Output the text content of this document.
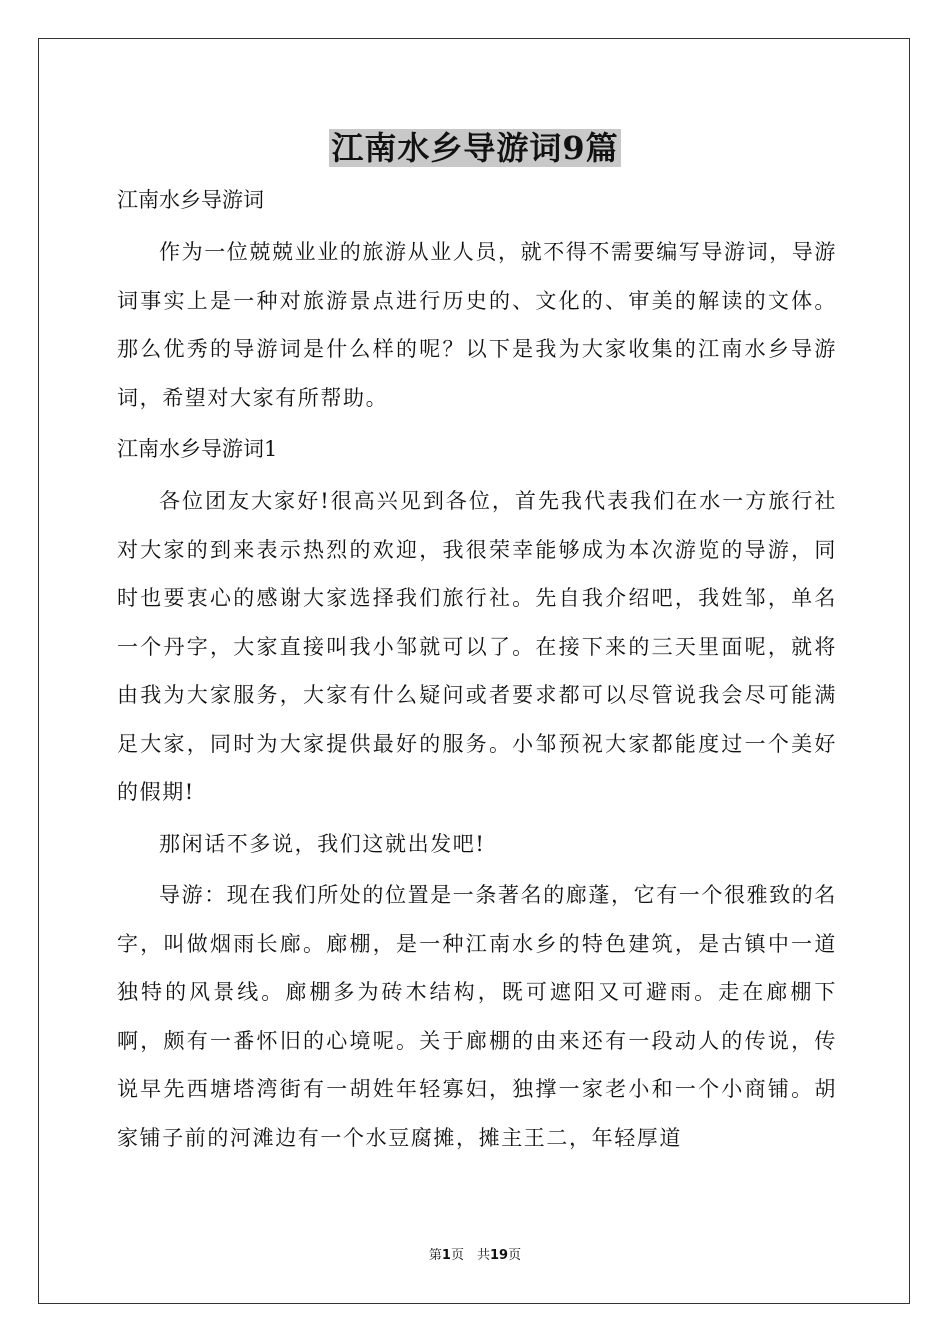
江南水乡导游词9篇
江南水乡导游词

作为一位兢兢业业的旅游从业人员，就不得不需要编写导游词，导游词事实上是一种对旅游景点进行历史的、文化的、审美的解读的文体。那么优秀的导游词是什么样的呢？以下是我为大家收集的江南水乡导游词，希望对大家有所帮助。

江南水乡导游词1

各位团友大家好!很高兴见到各位，首先我代表我们在水一方旅行社对大家的到来表示热烈的欢迎，我很荣幸能够成为本次游览的导游，同时也要衷心的感谢大家选择我们旅行社。先自我介绍吧，我姓邹，单名一个丹字，大家直接叫我小邹就可以了。在接下来的三天里面呢，就将由我为大家服务，大家有什么疑问或者要求都可以尽管说我会尽可能满足大家，同时为大家提供最好的服务。小邹预祝大家都能度过一个美好的假期!

那闲话不多说，我们这就出发吧!

导游：现在我们所处的位置是一条著名的廊蓬，它有一个很雅致的名字，叫做烟雨长廊。廊棚，是一种江南水乡的特色建筑，是古镇中一道独特的风景线。廊棚多为砖木结构，既可遮阳又可避雨。走在廊棚下啊，颇有一番怀旧的心境呢。关于廊棚的由来还有一段动人的传说，传说早先西塘塔湾街有一胡姓年轻寡妇，独撑一家老小和一个小商铺。胡家铺子前的河滩边有一个水豆腐摊，摊主王二，年轻厚道

第1页　共19页
